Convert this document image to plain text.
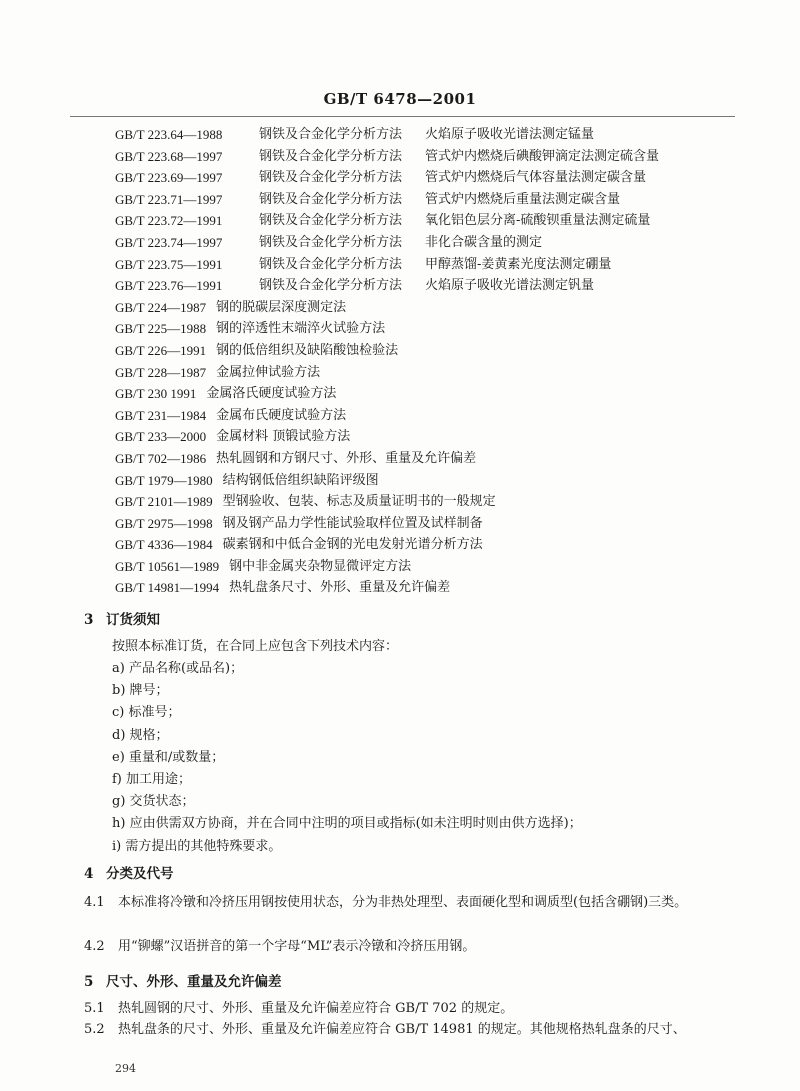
GB/T 6478—2001
GB/T 223.64—1988	钢铁及合金化学分析方法	火焰原子吸收光谱法测定锰量
GB/T 223.68—1997	钢铁及合金化学分析方法	管式炉内燃烧后碘酸钾滴定法测定硫含量
GB/T 223.69—1997	钢铁及合金化学分析方法	管式炉内燃烧后气体容量法测定碳含量
GB/T 223.71—1997	钢铁及合金化学分析方法	管式炉内燃烧后重量法测定碳含量
GB/T 223.72—1991	钢铁及合金化学分析方法	氧化铝色层分离-硫酸钡重量法测定硫量
GB/T 223.74—1997	钢铁及合金化学分析方法	非化合碳含量的测定
GB/T 223.75—1991	钢铁及合金化学分析方法	甲醇蒸馏-姜黄素光度法测定硼量
GB/T 223.76—1991	钢铁及合金化学分析方法	火焰原子吸收光谱法测定钒量
GB/T 224—1987 钢的脱碳层深度测定法
GB/T 225—1988 钢的淬透性末端淬火试验方法
GB/T 226—1991 钢的低倍组织及缺陷酸蚀检验法
GB/T 228—1987 金属拉伸试验方法
GB/T 230 1991 金属洛氏硬度试验方法
GB/T 231—1984 金属布氏硬度试验方法
GB/T 233—2000 金属材料 顶锻试验方法
GB/T 702—1986 热轧圆钢和方钢尺寸、外形、重量及允许偏差
GB/T 1979—1980 结构钢低倍组织缺陷评级图
GB/T 2101—1989 型钢验收、包装、标志及质量证明书的一般规定
GB/T 2975—1998 钢及钢产品力学性能试验取样位置及试样制备
GB/T 4336—1984 碳素钢和中低合金钢的光电发射光谱分析方法
GB/T 10561—1989 钢中非金属夹杂物显微评定方法
GB/T 14981—1994 热轧盘条尺寸、外形、重量及允许偏差
3 订货须知
按照本标准订货，在合同上应包含下列技术内容：
a) 产品名称(或品名)；
b) 牌号；
c) 标准号；
d) 规格；
e) 重量和/或数量；
f) 加工用途；
g) 交货状态；
h) 应由供需双方协商，并在合同中注明的项目或指标(如未注明时则由供方选择)；
i) 需方提出的其他特殊要求。
4 分类及代号
4.1 本标准将冷镦和冷挤压用钢按使用状态，分为非热处理型、表面硬化型和调质型(包括含硼钢)三类。
4.2 用“铆螺”汉语拼音的第一个字母“ML”表示冷镦和冷挤压用钢。
5 尺寸、外形、重量及允许偏差
5.1 热轧圆钢的尺寸、外形、重量及允许偏差应符合 GB/T 702 的规定。
5.2 热轧盘条的尺寸、外形、重量及允许偏差应符合 GB/T 14981 的规定。其他规格热轧盘条的尺寸、
294
